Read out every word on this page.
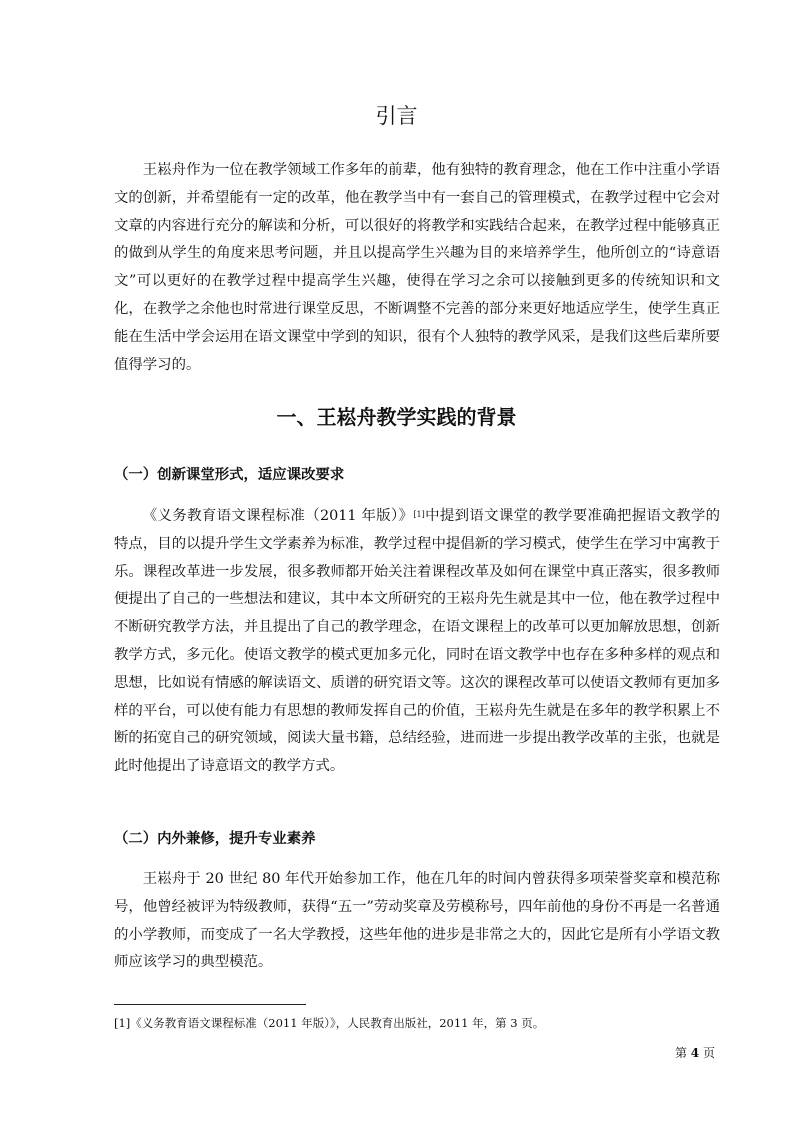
引言

王崧舟作为一位在教学领域工作多年的前辈，他有独特的教育理念，他在工作中注重小学语文的创新，并希望能有一定的改革，他在教学当中有一套自己的管理模式，在教学过程中它会对文章的内容进行充分的解读和分析，可以很好的将教学和实践结合起来，在教学过程中能够真正的做到从学生的角度来思考问题，并且以提高学生兴趣为目的来培养学生，他所创立的“诗意语文”可以更好的在教学过程中提高学生兴趣，使得在学习之余可以接触到更多的传统知识和文化，在教学之余他也时常进行课堂反思，不断调整不完善的部分来更好地适应学生，使学生真正能在生活中学会运用在语文课堂中学到的知识，很有个人独特的教学风采，是我们这些后辈所要值得学习的。

一、王崧舟教学实践的背景
（一）创新课堂形式，适应课改要求

《义务教育语文课程标准（2011 年版）》[1]中提到语文课堂的教学要准确把握语文教学的特点，目的以提升学生文学素养为标准，教学过程中提倡新的学习模式，使学生在学习中寓教于乐。课程改革进一步发展，很多教师都开始关注着课程改革及如何在课堂中真正落实，很多教师便提出了自己的一些想法和建议，其中本文所研究的王崧舟先生就是其中一位，他在教学过程中不断研究教学方法，并且提出了自己的教学理念，在语文课程上的改革可以更加解放思想，创新教学方式，多元化。使语文教学的模式更加多元化，同时在语文教学中也存在多种多样的观点和思想，比如说有情感的解读语文、质谱的研究语文等。这次的课程改革可以使语文教师有更加多样的平台，可以使有能力有思想的教师发挥自己的价值，王崧舟先生就是在多年的教学积累上不断的拓宽自己的研究领域，阅读大量书籍，总结经验，进而进一步提出教学改革的主张，也就是此时他提出了诗意语文的教学方式。

（二）内外兼修，提升专业素养

王崧舟于 20 世纪 80 年代开始参加工作，他在几年的时间内曾获得多项荣誉奖章和模范称号，他曾经被评为特级教师，获得“五一”劳动奖章及劳模称号，四年前他的身份不再是一名普通的小学教师，而变成了一名大学教授，这些年他的进步是非常之大的，因此它是所有小学语文教师应该学习的典型模范。

[1]《义务教育语文课程标准（2011 年版）》，人民教育出版社，2011 年，第 3 页。
第 4 页
